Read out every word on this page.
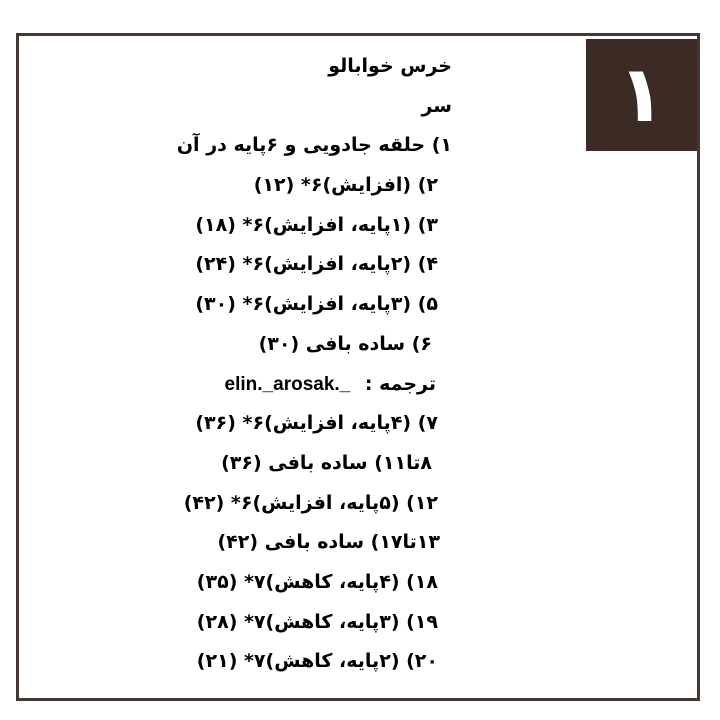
۱
خرس خوابالو
سر
۱) حلقه جادویی و ۶پایه در آن
۲) (افزایش)۶* (۱۲)
۳) (۱پایه، افزایش)۶* (۱۸)
۴) (۲پایه، افزایش)۶* (۲۴)
۵) (۳پایه، افزایش)۶* (۳۰)
۶) ساده بافی (۳۰)
ترجمه : elin._arosak._
۷) (۴پایه، افزایش)۶* (۳۶)
۸تا۱۱) ساده بافی (۳۶)
۱۲) (۵پایه، افزایش)۶* (۴۲)
۱۳تا۱۷) ساده بافی (۴۲)
۱۸) (۴پایه، کاهش)۷* (۳۵)
۱۹) (۳پایه، کاهش)۷* (۲۸)
۲۰) (۲پایه، کاهش)۷* (۲۱)
